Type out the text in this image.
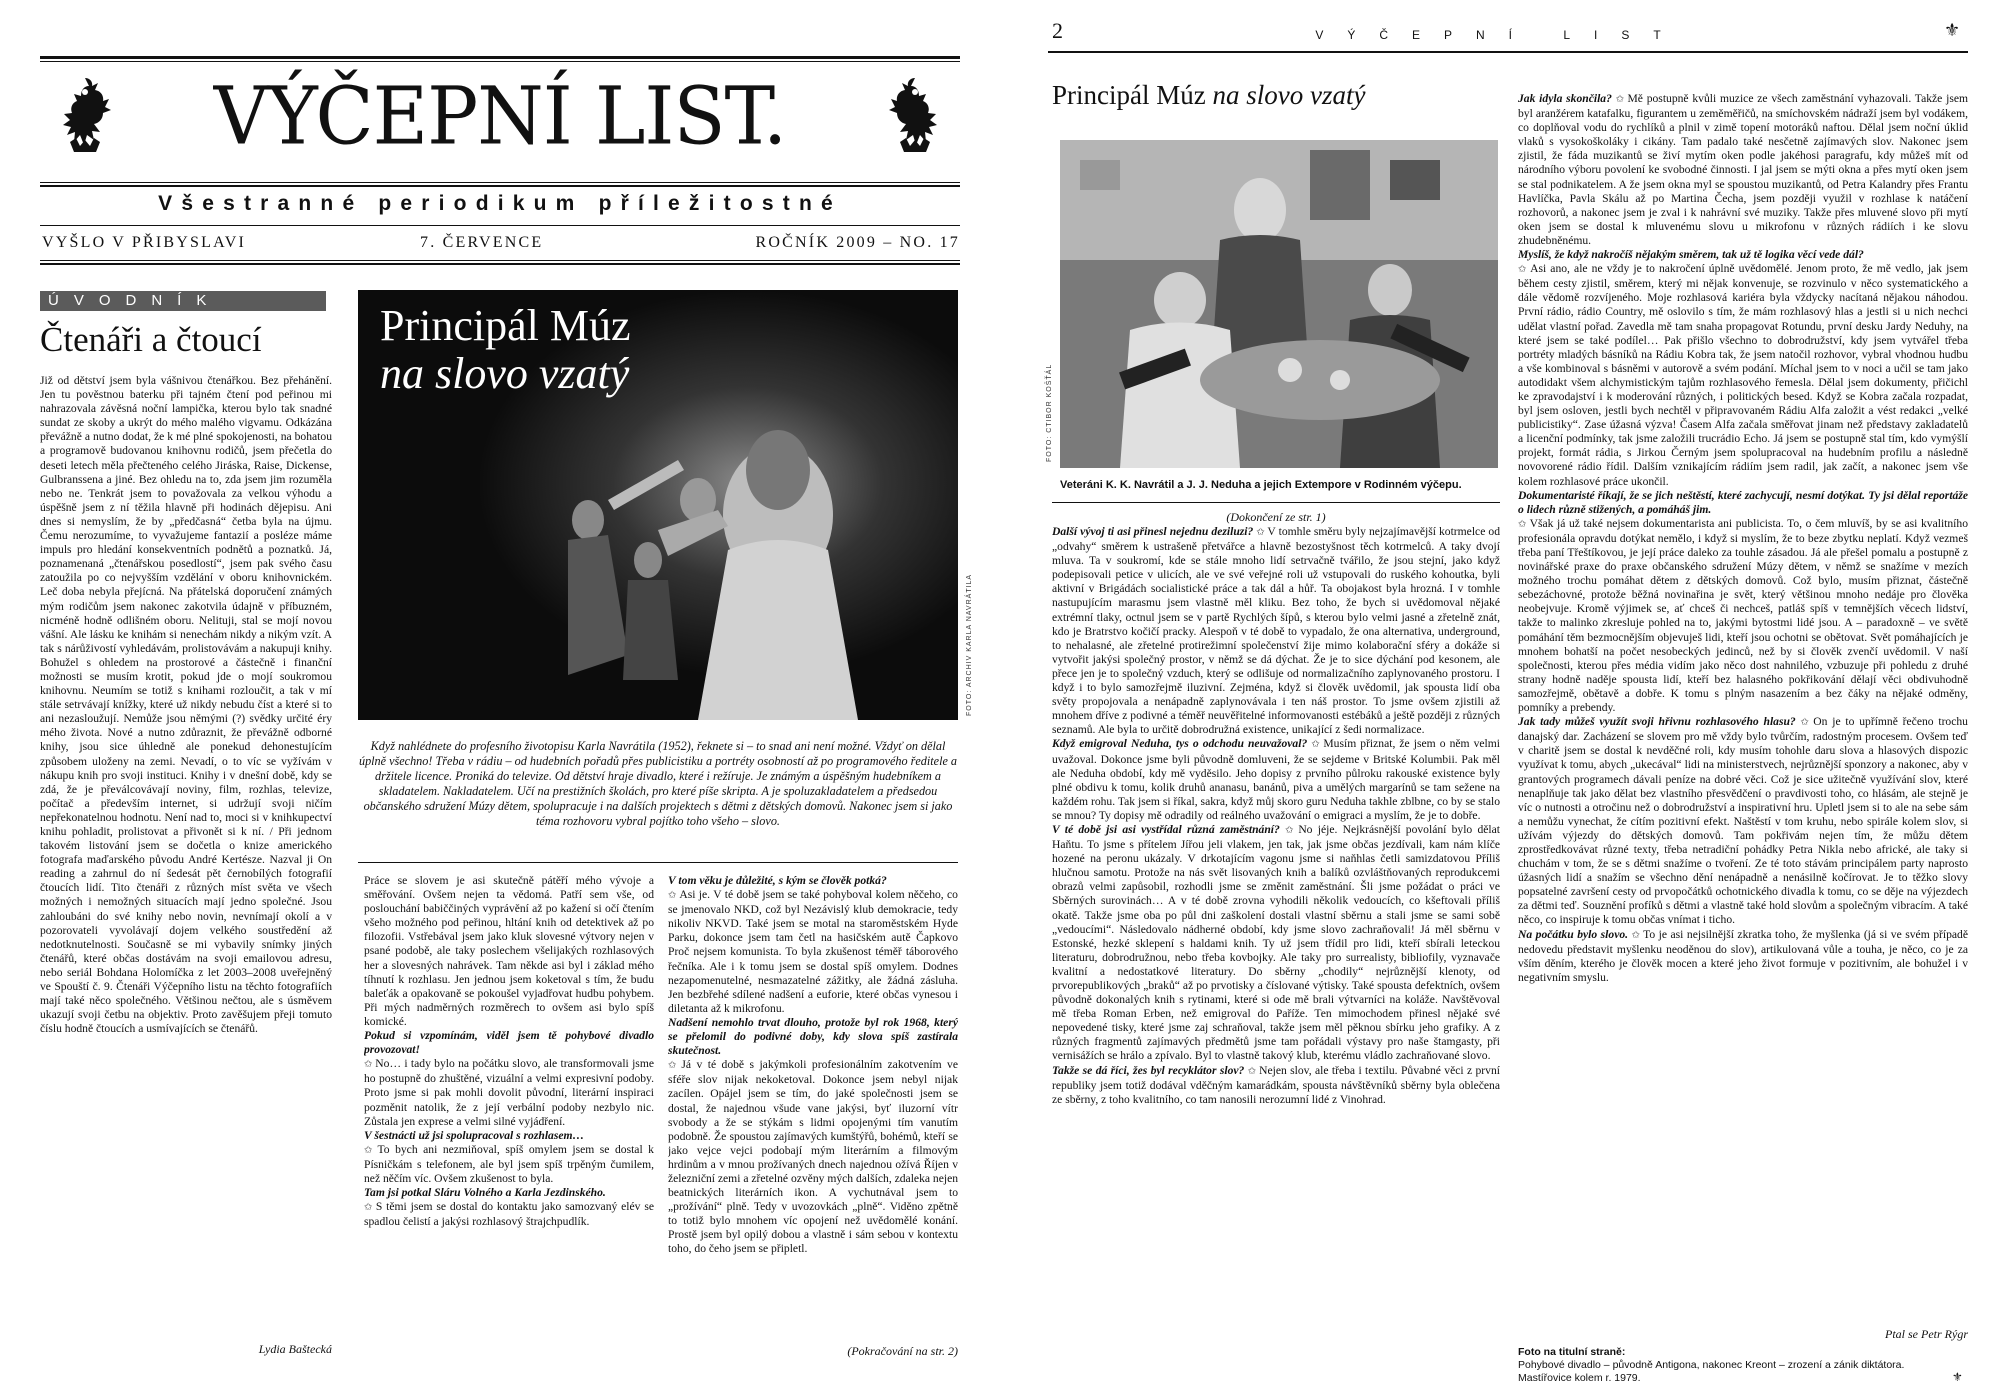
VÝČEPNÍ LIST.
Všestranné periodikum příležitostné
VYŠLO V PŘIBYSLAVI	7. ČERVENCE	ROČNÍK 2009 – NO. 17
ÚVODNÍK
Čtenáři a čtoucí
Již od dětství jsem byla vášnivou čtenářkou. Bez přehánění. Jen tu pověstnou baterku při tajném čtení pod peřinou mi nahrazovala závěsná noční lampička, kterou bylo tak snadné sundat ze skoby a ukrýt do mého malého vigvamu. Odkázána převážně a nutno dodat, že k mé plné spokojenosti, na bohatou a programově budovanou knihovnu rodičů, jsem přečetla do deseti letech měla přečteného celého Jiráska, Raise, Dickense, Gulbranssena a jiné. Bez ohledu na to, zda jsem jim rozuměla nebo ne. Tenkrát jsem to považovala za velkou výhodu a úspěšně jsem z ní těžila hlavně při hodinách dějepisu. Ani dnes si nemyslím, že by „předčasná“ četba byla na újmu. Čemu nerozumíme, to vyvažujeme fantazií a posléze máme impuls pro hledání konsekventních podnětů a poznatků. Já, poznamenaná „čtenářskou posedlostí“, jsem pak svého času zatoužila po co nejvyšším vzdělání v oboru knihovnickém. Leč doba nebyla přejícná. Na přátelská doporučení známých mým rodičům jsem nakonec zakotvila údajně v příbuzném, nicméně hodně odlišném oboru. Nelituji, stal se mojí novou vášní. Ale lásku ke knihám si nenechám nikdy a nikým vzít. A tak s nárůživostí vyhledávám, prolistovávám a nakupuji knihy. Bohužel s ohledem na prostorové a částečně i finanční možnosti se musím krotit, pokud jde o mojí soukromou knihovnu. Neumím se totiž s knihami rozloučit, a tak v mí stále setrvávají knížky, které už nikdy nebudu číst a které si to ani nezasloužují. Nemůže jsou němými (?) svědky určité éry mého života. Nové a nutno zdůraznit, že převážně odborné knihy, jsou sice úhledně ale ponekud dehonestujícím způsobem uloženy na zemi. Nevadí, o to víc se vyžívám v nákupu knih pro svoji instituci. Knihy i v dnešní době, kdy se zdá, že je převálcovávají noviny, film, rozhlas, televize, počítač a především internet, si udržují svoji ničím nepřekonatelnou hodnotu. Není nad to, moci si v knihkupectví knihu pohladit, prolistovat a přivonět si k ní. / Při jednom takovém listování jsem se dočetla o knize amerického fotografa maďarského původu André Kertésze. Nazval ji On reading a zahrnul do ní šedesát pět černobílých fotografií čtoucích lidí. Tito čtenáři z různých míst světa ve všech možných i nemožných situacích mají jedno společné. Jsou zahloubáni do své knihy nebo novin, nevnímají okolí a v pozorovateli vyvolávají dojem velkého soustředění až nedotknutelnosti. Současně se mi vybavily snímky jiných čtenářů, které občas dostávám na svoji emailovou adresu, nebo seriál Bohdana Holomíčka z let 2003–2008 uveřejněný ve Spouští č. 9. Čtenáři Výčepního listu na těchto fotografiích mají také něco společného. Většinou nečtou, ale s úsměvem ukazují svoji četbu na objektiv. Proto zavěšujem přeji tomuto číslu hodně čtoucích a usmívajících se čtenářů.
Lydia Baštecká
Principál Múz
na slovo vzatý
FOTO: ARCHIV KARLA NAVRÁTILA
Když nahlédnete do profesního životopisu Karla Navrátila (1952), řeknete si – to snad ani není možné. Vždyť on dělal úplně všechno! Třeba v rádiu – od hudebních pořadů přes publicistiku a portréty osobností až po programového ředitele a držitele licence. Proniká do televize. Od dětství hraje divadlo, které i režíruje. Je známým a úspěšným hudebníkem a skladatelem. Nakladatelem. Učí na prestižních školách, pro které píše skripta. A je spoluzakladatelem a předsedou občanského sdružení Múzy dětem, spolupracuje i na dalších projektech s dětmi z dětských domovů. Nakonec jsem si jako téma rozhovoru vybral pojítko toho všeho – slovo.

Práce se slovem je asi skutečně pátěří mého vývoje a směřování. Ovšem nejen ta vědomá. Patří sem vše, od poslouchání babiččiných vyprávění až po kažení si očí čtením všeho možného pod peřinou, hltání knih od detektivek až po filozofii. Vstřebával jsem jako kluk slovesné výtvory nejen v psané podobě, ale taky poslechem všelijakých rozhlasových her a slovesných nahrávek. Tam někde asi byl i základ mého tíhnutí k rozhlasu. Jen jednou jsem koketoval s tím, že budu baleťák a opakovaně se pokoušel vyjadřovat hudbu pohybem. Při mých nadměrných rozměrech to ovšem asi bylo spíš komické.

Pokud si vzpomínám, viděl jsem tě pohybové divadlo provozovat!

✩ No… i tady bylo na počátku slovo, ale transformovali jsme ho postupně do zhuštěné, vizuální a velmi expresivní podoby. Proto jsme si pak mohli dovolit původní, literární inspiraci pozměnit natolik, že z její verbální podoby nezbylo nic. Zůstala jen exprese a velmi silné vyjádření.

V šestnácti už jsi spolupracoval s rozhlasem…

✩ To bych ani nezmiňoval, spíš omylem jsem se dostal k Písničkám s telefonem, ale byl jsem spíš trpěným čumilem, než něčím víc. Ovšem zkušenost to byla.

Tam jsi potkal Sláru Volného a Karla Jezdinského.

✩ S těmi jsem se dostal do kontaktu jako samozvaný elév se spadlou čelistí a jakýsi rozhlasový štrajchpudlík.

V tom věku je důležité, s kým se člověk potká?

✩ Asi je. V té době jsem se také pohyboval kolem něčeho, co se jmenovalo NKD, což byl Nezávislý klub demokracie, tedy nikoliv NKVD. Také jsem se motal na staroměstském Hyde Parku, dokonce jsem tam četl na hasičském autě Čapkovo Proč nejsem komunista. To byla zkušenost téměř táborového řečníka. Ale i k tomu jsem se dostal spíš omylem. Dodnes nezapomenutelné, nesmazatelné zážitky, ale žádná zásluha. Jen bezbřehé sdílené nadšení a euforie, které občas vynesou i diletanta až k mikrofonu.

Nadšení nemohlo trvat dlouho, protože byl rok 1968, který se přelomil do podivné doby, kdy slova spíš zastírala skutečnost.

✩ Já v té době s jakýmkoli profesionálním zakotvením ve sféře slov nijak nekoketoval. Dokonce jsem nebyl nijak zacílen. Opájel jsem se tím, do jaké společnosti jsem se dostal, že najednou všude vane jakýsi, byť iluzorní vítr svobody a že se stýkám s lidmi opojenými tím vanutím podobně. Že spoustou zajímavých kumštýřů, bohémů, kteří se jako vejce vejci podobají mým literárním a filmovým hrdinům a v mnou prožívaných dnech najednou ožívá Říjen v železniční zemi a zřetelné ozvěny mých dalších, zdaleka nejen beatnických literárních ikon. A vychutnával jsem to „prožívání“ plně. Tedy v uvozovkách „plně“. Viděno zpětně to totiž bylo mnohem víc opojení než uvědomělé konání. Prostě jsem byl opilý dobou a vlastně i sám sebou v kontextu toho, do čeho jsem se připletl.

(Pokračování na str. 2)
2	VÝČEPNÍ LIST	⚜
Principál Múz na slovo vzatý
FOTO: CTIBOR KOŠŤÁL
Veteráni K. K. Navrátil a J. J. Neduha a jejich Extempore v Rodinném výčepu.
(Dokončení ze str. 1)

Další vývoj ti asi přinesl nejednu deziluzi? ✩ V tomhle směru byly nejzajímavější kotrmelce od „odvahy“ směrem k ustrašeně přetvářce a hlavně bezostyšnost těch kotrmelců. A taky dvojí mluva. Ta v soukromí, kde se stále mnoho lidí setrvačně tvářilo, že jsou stejní, jako když podepisovali petice v ulicích, ale ve své veřejné roli už vstupovali do ruského kohoutka, byli aktivní v Brigádách socialistické práce a tak dál a hůř. Ta obojakost byla hrozná. I v tomhle nastupujícím marasmu jsem vlastně měl kliku. Bez toho, že bych si uvědomoval nějaké extrémní tlaky, octnul jsem se v partě Rychlých šípů, s kterou bylo velmi jasné a zřetelně znát, kdo je Bratrstvo kočičí pracky. Alespoň v té době to vypadalo, že ona alternativa, underground, to nehalasné, ale zřetelné protirežimní společenství žije mimo kolaborační sféry a dokáže si vytvořit jakýsi společný prostor, v němž se dá dýchat. Že je to sice dýchání pod kesonem, ale přece jen je to společný vzduch, který se odlišuje od normalizačního zaplynovaného prostoru. I když i to bylo samozřejmě iluzivní. Zejména, když si člověk uvědomil, jak spousta lidí oba světy propojovala a nenápadně zaplynovávala i ten náš prostor. To jsme ovšem zjistili až mnohem dříve z podivné a téměř neuvěřitelné informovanosti estébáků a ještě později z různých seznamů. Ale byla to určitě dobrodružná existence, unikající z šedi normalizace.

Když emigroval Neduha, tys o odchodu neuvažoval? ✩ Musím přiznat, že jsem o něm velmi uvažoval. Dokonce jsme byli původně domluveni, že se sejdeme v Britské Kolumbii. Pak měl ale Neduha období, kdy mě vyděsilo. Jeho dopisy z prvního půlroku rakouské existence byly plné obdivu k tomu, kolik druhů ananasu, banánů, piva a umělých margarínů se tam sežene na každém rohu. Tak jsem si říkal, sakra, když můj skoro guru Neduha takhle zblbne, co by se stalo se mnou? Ty dopisy mě odradily od reálného uvažování o emigraci a myslím, že je to dobře.

V té době jsi asi vystřídal různá zaměstnání? ✩ No jéje. Nejkrásnější povolání bylo dělat Haňtu. To jsme s přítelem Jířou jeli vlakem, jen tak, jak jsme občas jezdívali, kam nám klíče hozené na peronu ukázaly. V drkotajícím vagonu jsme si naňhlas četli samizdatovou Příliš hlučnou samotu. Protože na nás svět lisovaných knih a balíků ozvláštňovaných reprodukcemi obrazů velmi zapůsobil, rozhodli jsme se změnit zaměstnání. Šli jsme požádat o práci ve Sběrných surovinách… A v té době zrovna vyhodili několik vedoucích, co kšeftovali příliš okatě. Takže jsme oba po půl dni zaškolení dostali vlastní sběrnu a stali jsme se sami sobě „vedoucími“. Následovalo nádherné období, kdy jsme slovo zachraňovali! Já měl sběrnu v Estonské, hezké sklepení s haldami knih. Ty už jsem třídil pro lidi, kteří sbírali leteckou literaturu, dobrodružnou, nebo třeba kovbojky. Ale taky pro surrealisty, bibliofily, vyznavače kvalitní a nedostatkové literatury. Do sběrny „chodily“ nejrůznější klenoty, od prvorepublikových „braků“ až po prvotisky a číslované výtisky. Také spousta defektních, ovšem původně dokonalých knih s rytinami, které si ode mě brali výtvarníci na koláže. Navštěvoval mě třeba Roman Erben, než emigroval do Paříže. Ten mimochodem přinesl nějaké své nepovedené tisky, které jsme zaj schraňoval, takže jsem měl pěknou sbírku jeho grafiky. A z různých fragmentů zajímavých předmětů jsme tam pořádali výstavy pro naše štamgasty, při vernisážích se hrálo a zpívalo. Byl to vlastně takový klub, kterému vládlo zachraňované slovo.

Takže se dá říci, žes byl recyklátor slov? ✩ Nejen slov, ale třeba i textilu. Půvabné věci z první republiky jsem totiž dodával vděčným kamarádkám, spousta návštěvníků sběrny byla oblečena ze sběrny, z toho kvalitního, co tam nanosili nerozumní lidé z Vinohrad.

Jak idyla skončila? ✩ Mě postupně kvůli muzice ze všech zaměstnání vyhazovali. Takže jsem byl aranžérem katafalku, figurantem u zeměměřičů, na smíchovském nádraží jsem byl vodákem, co doplňoval vodu do rychlíků a plnil v zimě topení motoráků naftou. Dělal jsem noční úklid vlaků s vysokoškoláky i cikány. Tam padalo také nesčetně zajímavých slov. Nakonec jsem zjistil, že fáda muzikantů se živí mytím oken podle jakéhosi paragrafu, kdy můžeš mít od národního výboru povolení ke svobodné činnosti. I jal jsem se mýti okna a přes mytí oken jsem se stal podnikatelem. A že jsem okna myl se spoustou muzikantů, od Petra Kalandry přes Frantu Havlíčka, Pavla Skálu až po Martina Čecha, jsem později využil v rozhlase k natáčení rozhovorů, a nakonec jsem je zval i k nahrávní své muziky. Takže přes mluvené slovo při mytí oken jsem se dostal k mluvenému slovu u mikrofonu v různých rádiích i ke slovu zhudebněnému.

Myslíš, že když nakročíš nějakým směrem, tak už tě logika věcí vede dál?

✩ Asi ano, ale ne vždy je to nakročení úplně uvědomělé. Jenom proto, že mě vedlo, jak jsem během cesty zjistil, směrem, který mi nějak konvenuje, se rozvinulo v něco systematického a dále vědomě rozvíjeného. Moje rozhlasová kariéra byla vždycky nacítaná nějakou náhodou. První rádio, rádio Country, mě oslovilo s tím, že mám rozhlasový hlas a jestli si u nich nechci udělat vlastní pořad. Zavedla mě tam snaha propagovat Rotundu, první desku Jardy Neduhy, na které jsem se také podílel… Pak přišlo všechno to dobrodružství, kdy jsem vytvářel třeba portréty mladých básníků na Rádiu Kobra tak, že jsem natočil rozhovor, vybral vhodnou hudbu a vše kombinoval s básněmi v autorově a svém podání. Míchal jsem to v noci a učil se tam jako autodidakt všem alchymistickým tajům rozhlasového řemesla. Dělal jsem dokumenty, přičichl ke zpravodajství i k moderování různých, i politických besed. Když se Kobra začala rozpadat, byl jsem osloven, jestli bych nechtěl v připravovaném Rádiu Alfa založit a vést redakci „velké publicistiky“. Zase úžasná výzva! Časem Alfa začala směřovat jinam než představy zakladatelů a licenční podmínky, tak jsme založili trucrádio Echo. Já jsem se postupně stal tím, kdo vymýšlí projekt, formát rádia, s Jirkou Černým jsem spolupracoval na hudebním profilu a následně novovorené rádio řídil. Dalším vznikajícím rádiím jsem radil, jak začít, a nakonec jsem vše kolem rozhlasové práce ukončil.

Dokumentaristé říkají, že se jich neštěstí, které zachycují, nesmí dotýkat. Ty jsi dělal reportáže o lidech různě stižených, a pomáháš jim.

✩ Však já už také nejsem dokumentarista ani publicista. To, o čem mluvíš, by se asi kvalitního profesionála opravdu dotýkat nemělo, i když si myslím, že to beze zbytku neplatí. Když vezmeš třeba paní Třeštíkovou, je její práce daleko za touhle zásadou. Já ale přešel pomalu a postupně z novinářské praxe do praxe občanského sdružení Múzy dětem, v němž se snažíme v mezích možného trochu pomáhat dětem z dětských domovů. Což bylo, musím přiznat, částečně sebezáchovné, protože běžná novinařina je svět, který většinou mnoho nedáje pro člověka neobejvuje. Kromě výjimek se, ať chceš či nechceš, patláš spíš v temnějších věcech lidství, takže to malinko zkresluje pohled na to, jakými bytostmi lidé jsou. A – paradoxně – ve světě pomáhání těm bezmocnějším objevuješ lidi, kteří jsou ochotni se obětovat. Svět pomáhajících je mnohem bohatší na počet nesobeckých jedinců, než by si člověk zvenčí uvědomil. V naší společnosti, kterou přes média vidím jako něco dost nahnilého, vzbuzuje při pohledu z druhé strany hodně naděje spousta lidí, kteří bez halasného pokřikování dělají věci obdivuhodně samozřejmě, obětavě a dobře. K tomu s plným nasazením a bez čáky na nějaké odměny, pomníky a prebendy.

Jak tady můžeš využít svoji hřivnu rozhlasového hlasu? ✩ On je to upřímně řečeno trochu danajský dar. Zacházení se slovem pro mě vždy bylo tvůrčím, radostným procesem. Ovšem teď v charitě jsem se dostal k nevděčné roli, kdy musím tohohle daru slova a hlasových dispozic využívat k tomu, abych „ukecával“ lidi na ministerstvech, nejrůznější sponzory a nakonec, aby v grantových programech dávali peníze na dobré věci. Což je sice užitečně využívání slov, které nenaplňuje tak jako dělat bez vlastního přesvědčení o pravdivosti toho, co hlásám, ale stejně je víc o nutnosti a otročinu než o dobrodružství a inspirativní hru. Upletl jsem si to ale na sebe sám a nemůžu vynechat, že cítím pozitivní efekt. Naštěstí v tom kruhu, nebo spirále kolem slov, si užívám výjezdy do dětských domovů. Tam pokřivám nejen tím, že můžu dětem zprostředkovávat různé texty, třeba netradiční pohádky Petra Nikla nebo africké, ale taky si chuchám v tom, že se s dětmi snažíme o tvoření. Ze té toto stávám principálem party naprosto úžasných lidí a snažím se všechno dění nenápadně a nenásilně kočírovat. Je to těžko slovy popsatelné završení cesty od prvopočátků ochotnického divadla k tomu, co se děje na výjezdech za dětmi teď. Souznění profíků s dětmi a vlastně také hold slovům a společným vibracím. A také něco, co inspiruje k tomu občas vnímat i ticho.

Na počátku bylo slovo. ✩ To je asi nejsilnější zkratka toho, že myšlenka (já si ve svém případě nedovedu představit myšlenku neoděnou do slov), artikulovaná vůle a touha, je něco, co je za vším děním, kterého je člověk mocen a které jeho život formuje v pozitivním, ale bohužel i v negativním smyslu.

Ptal se Petr Rýgr
Foto na titulní straně:
Pohybové divadlo – původně Antigona, nakonec Kreont – zrození a zánik diktátora. Mastířovice kolem r. 1979.	⚜
